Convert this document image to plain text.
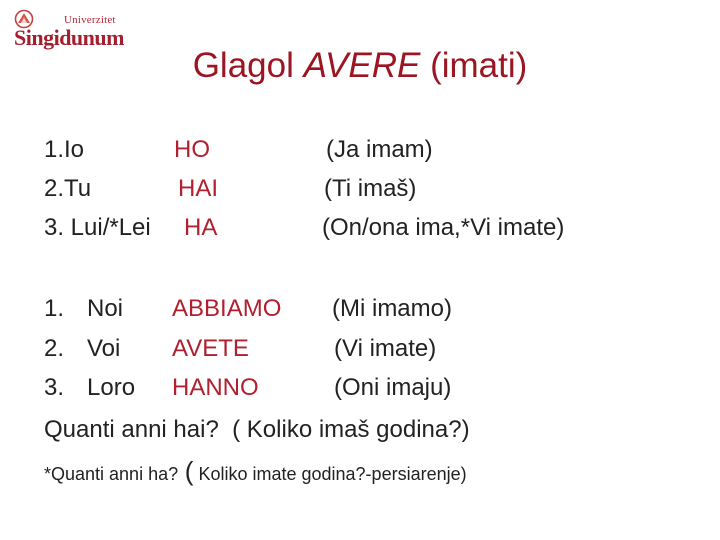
Univerzitet
Singidunum
Glagol AVERE (imati)
1. Io	HO	(Ja imam)
2. Tu	HAI	(Ti imaš)
3. Lui/*Lei HA	(On/ona ima,*Vi imate)
1. Noi ABBIAMO (Mi imamo)
2. Voi AVETE	(Vi imate)
3. Loro HANNO	(Oni imaju)
Quanti anni hai?  ( Koliko imaš godina?)
*Quanti anni ha? ( Koliko imate godina?-persiarenje)
